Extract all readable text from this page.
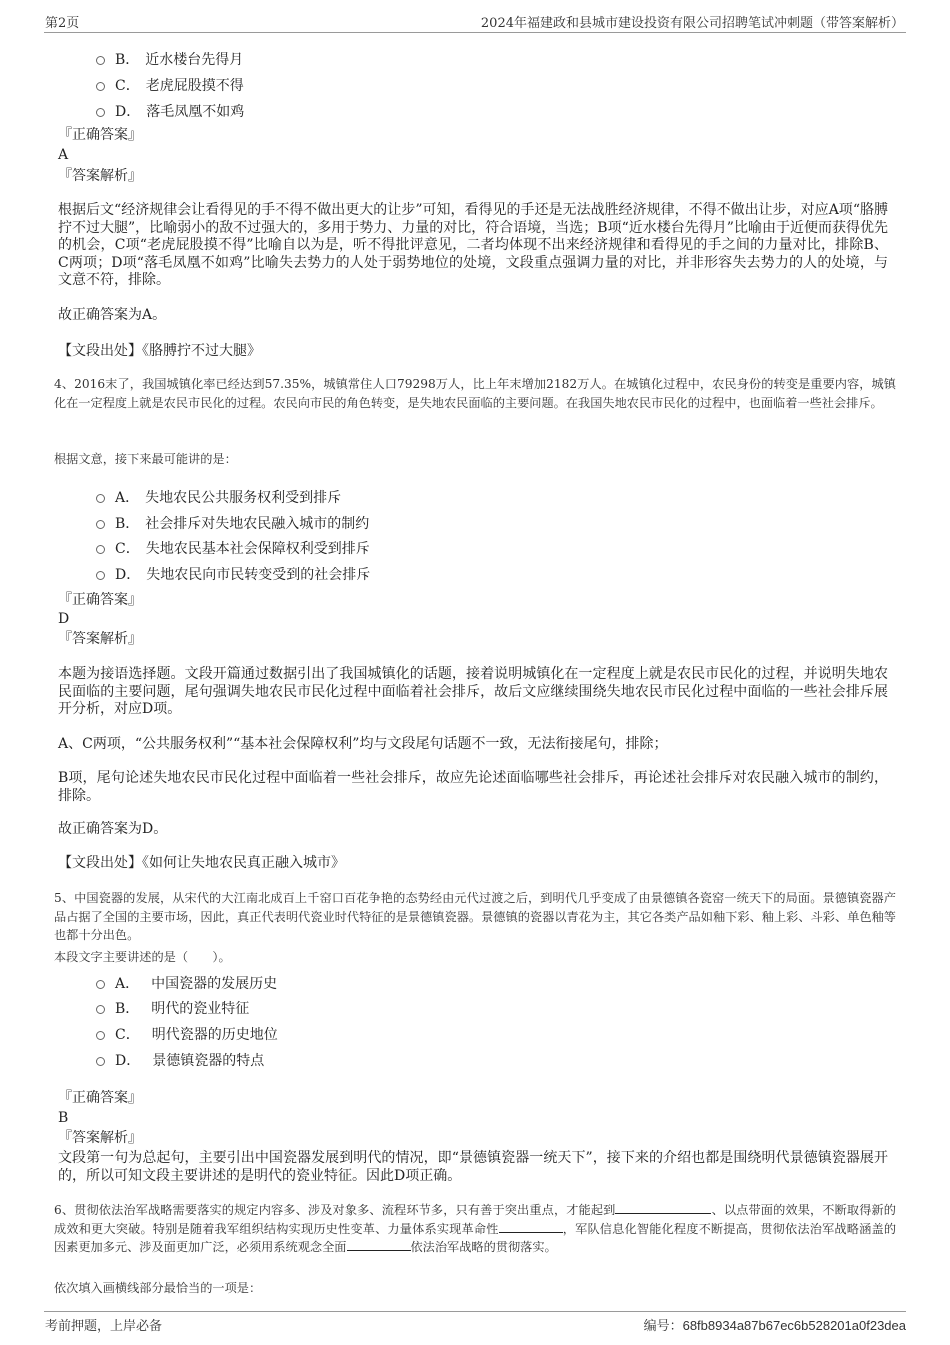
第2页	2024年福建政和县城市建设投资有限公司招聘笔试冲刺题（带答案解析）
B． 近水楼台先得月
C． 老虎屁股摸不得
D． 落毛凤凰不如鸡
『正确答案』
A
『答案解析』
根据后文“经济规律会让看得见的手不得不做出更大的让步”可知，看得见的手还是无法战胜经济规律，不得不做出让步，对应A项“胳膊拧不过大腿”，比喻弱小的敌不过强大的，多用于势力、力量的对比，符合语境，当选；B项“近水楼台先得月”比喻由于近便而获得优先的机会，C项“老虎屁股摸不得”比喻自以为是，听不得批评意见，二者均体现不出来经济规律和看得见的手之间的力量对比，排除B、C两项；D项“落毛凤凰不如鸡”比喻失去势力的人处于弱势地位的处境，文段重点强调力量的对比，并非形容失去势力的人的处境，与文意不符，排除。
故正确答案为A。
【文段出处】《胳膊拧不过大腿》
4、2016末了，我国城镇化率已经达到57.35%，城镇常住人口79298万人，比上年末增加2182万人。在城镇化过程中，农民身份的转变是重要内容，城镇化在一定程度上就是农民市民化的过程。农民向市民的角色转变，是失地农民面临的主要问题。在我国失地农民市民化的过程中，也面临着一些社会排斥。
根据文意，接下来最可能讲的是：
A． 失地农民公共服务权利受到排斥
B． 社会排斥对失地农民融入城市的制约
C． 失地农民基本社会保障权利受到排斥
D． 失地农民向市民转变受到的社会排斥
『正确答案』
D
『答案解析』
本题为接语选择题。文段开篇通过数据引出了我国城镇化的话题，接着说明城镇化在一定程度上就是农民市民化的过程，并说明失地农民面临的主要问题，尾句强调失地农民市民化过程中面临着社会排斥，故后文应继续围绕失地农民市民化过程中面临的一些社会排斥展开分析，对应D项。
A、C两项，“公共服务权利”“基本社会保障权利”均与文段尾句话题不一致，无法衔接尾句，排除；
B项，尾句论述失地农民市民化过程中面临着一些社会排斥，故应先论述面临哪些社会排斥，再论述社会排斥对农民融入城市的制约，排除。
故正确答案为D。
【文段出处】《如何让失地农民真正融入城市》
5、中国瓷器的发展，从宋代的大江南北成百上千窑口百花争艳的态势经由元代过渡之后，到明代几乎变成了由景德镇各瓷窑一统天下的局面。景德镇瓷器产品占据了全国的主要市场，因此，真正代表明代瓷业时代特征的是景德镇瓷器。景德镇的瓷器以青花为主，其它各类产品如釉下彩、釉上彩、斗彩、单色釉等也都十分出色。
本段文字主要讲述的是（　　）。
A． 中国瓷器的发展历史
B． 明代的瓷业特征
C． 明代瓷器的历史地位
D． 景德镇瓷器的特点
『正确答案』
B
『答案解析』
文段第一句为总起句，主要引出中国瓷器发展到明代的情况，即“景德镇瓷器一统天下”，接下来的介绍也都是围绕明代景德镇瓷器展开的，所以可知文段主要讲述的是明代的瓷业特征。因此D项正确。
6、贯彻依法治军战略需要落实的规定内容多、涉及对象多、流程环节多，只有善于突出重点，才能起到	、以点带面的效果，不断取得新的成效和更大突破。特别是随着我军组织结构实现历史性变革、力量体系实现革命性	，军队信息化智能化程度不断提高，贯彻依法治军战略涵盖的因素更加多元、涉及面更加广泛，必须用系统观念全面	依法治军战略的贯彻落实。
依次填入画横线部分最恰当的一项是：
考前押题，上岸必备	编号：68fb8934a87b67ec6b528201a0f23dea
